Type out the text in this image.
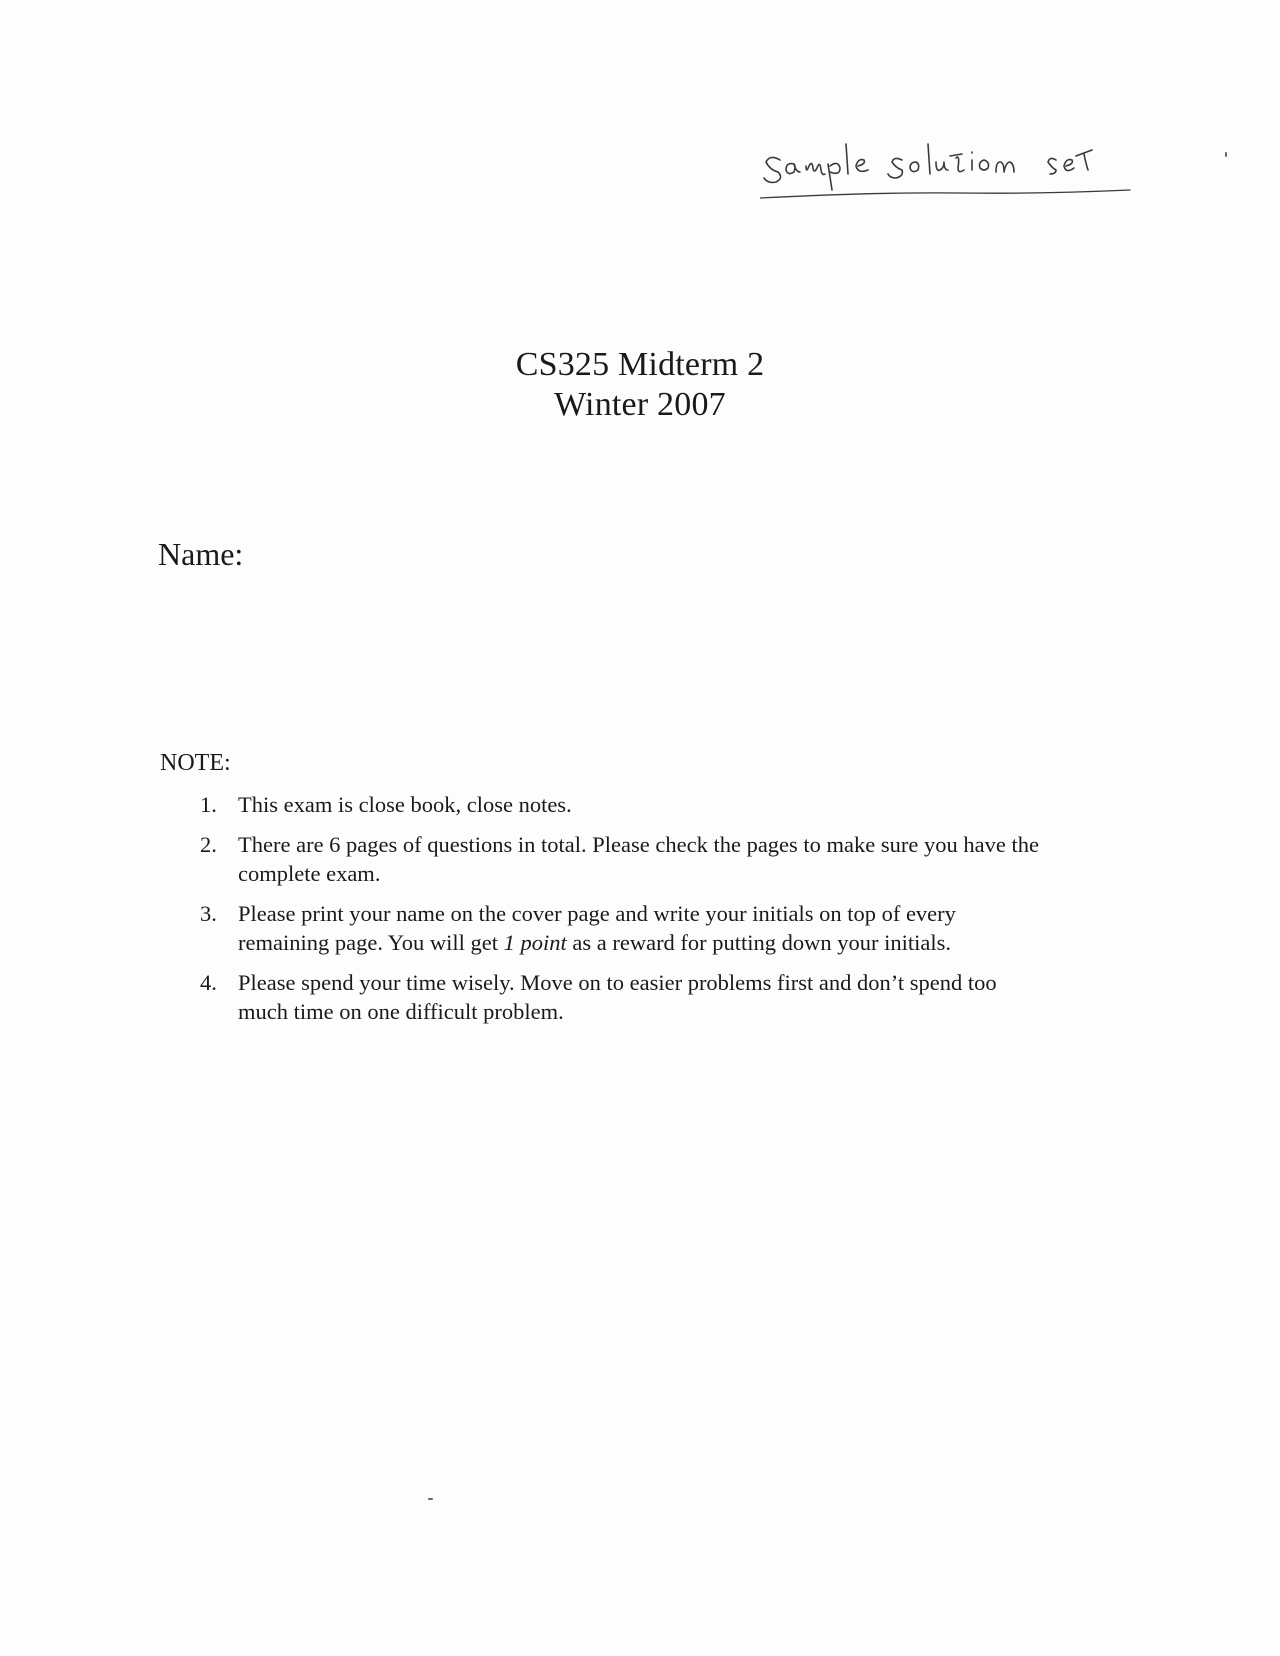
CS325 Midterm 2
Winter 2007
Name:
NOTE:
1. This exam is close book, close notes.
2. There are 6 pages of questions in total. Please check the pages to make sure you have the complete exam.
3. Please print your name on the cover page and write your initials on top of every remaining page. You will get 1 point as a reward for putting down your initials.
4. Please spend your time wisely. Move on to easier problems first and don’t spend too much time on one difficult problem.
